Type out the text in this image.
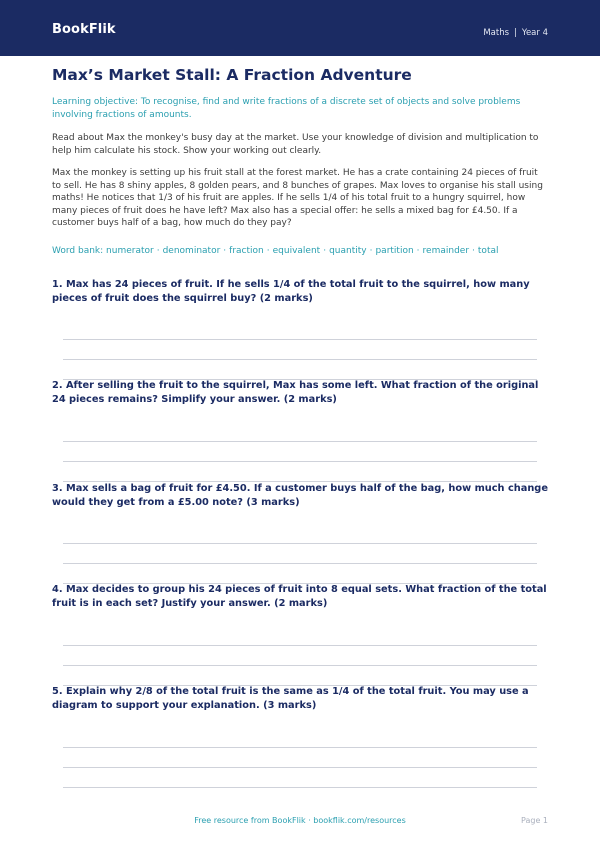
BookFlik	Maths | Year 4
Max’s Market Stall: A Fraction Adventure

Learning objective: To recognise, find and write fractions of a discrete set of objects and solve problems involving fractions of amounts.

Read about Max the monkey's busy day at the market. Use your knowledge of division and multiplication to help him calculate his stock. Show your working out clearly.

Max the monkey is setting up his fruit stall at the forest market. He has a crate containing 24 pieces of fruit to sell. He has 8 shiny apples, 8 golden pears, and 8 bunches of grapes. Max loves to organise his stall using maths! He notices that 1/3 of his fruit are apples. If he sells 1/4 of his total fruit to a hungry squirrel, how many pieces of fruit does he have left? Max also has a special offer: he sells a mixed bag for £4.50. If a customer buys half of a bag, how much do they pay?

Word bank: numerator · denominator · fraction · equivalent · quantity · partition · remainder · total

1. Max has 24 pieces of fruit. If he sells 1/4 of the total fruit to the squirrel, how many pieces of fruit does the squirrel buy? (2 marks)

2. After selling the fruit to the squirrel, Max has some left. What fraction of the original 24 pieces remains? Simplify your answer. (2 marks)

3. Max sells a bag of fruit for £4.50. If a customer buys half of the bag, how much change would they get from a £5.00 note? (3 marks)

4. Max decides to group his 24 pieces of fruit into 8 equal sets. What fraction of the total fruit is in each set? Justify your answer. (2 marks)

5. Explain why 2/8 of the total fruit is the same as 1/4 of the total fruit. You may use a diagram to support your explanation. (3 marks)

Free resource from BookFlik · bookflik.com/resources	Page 1
